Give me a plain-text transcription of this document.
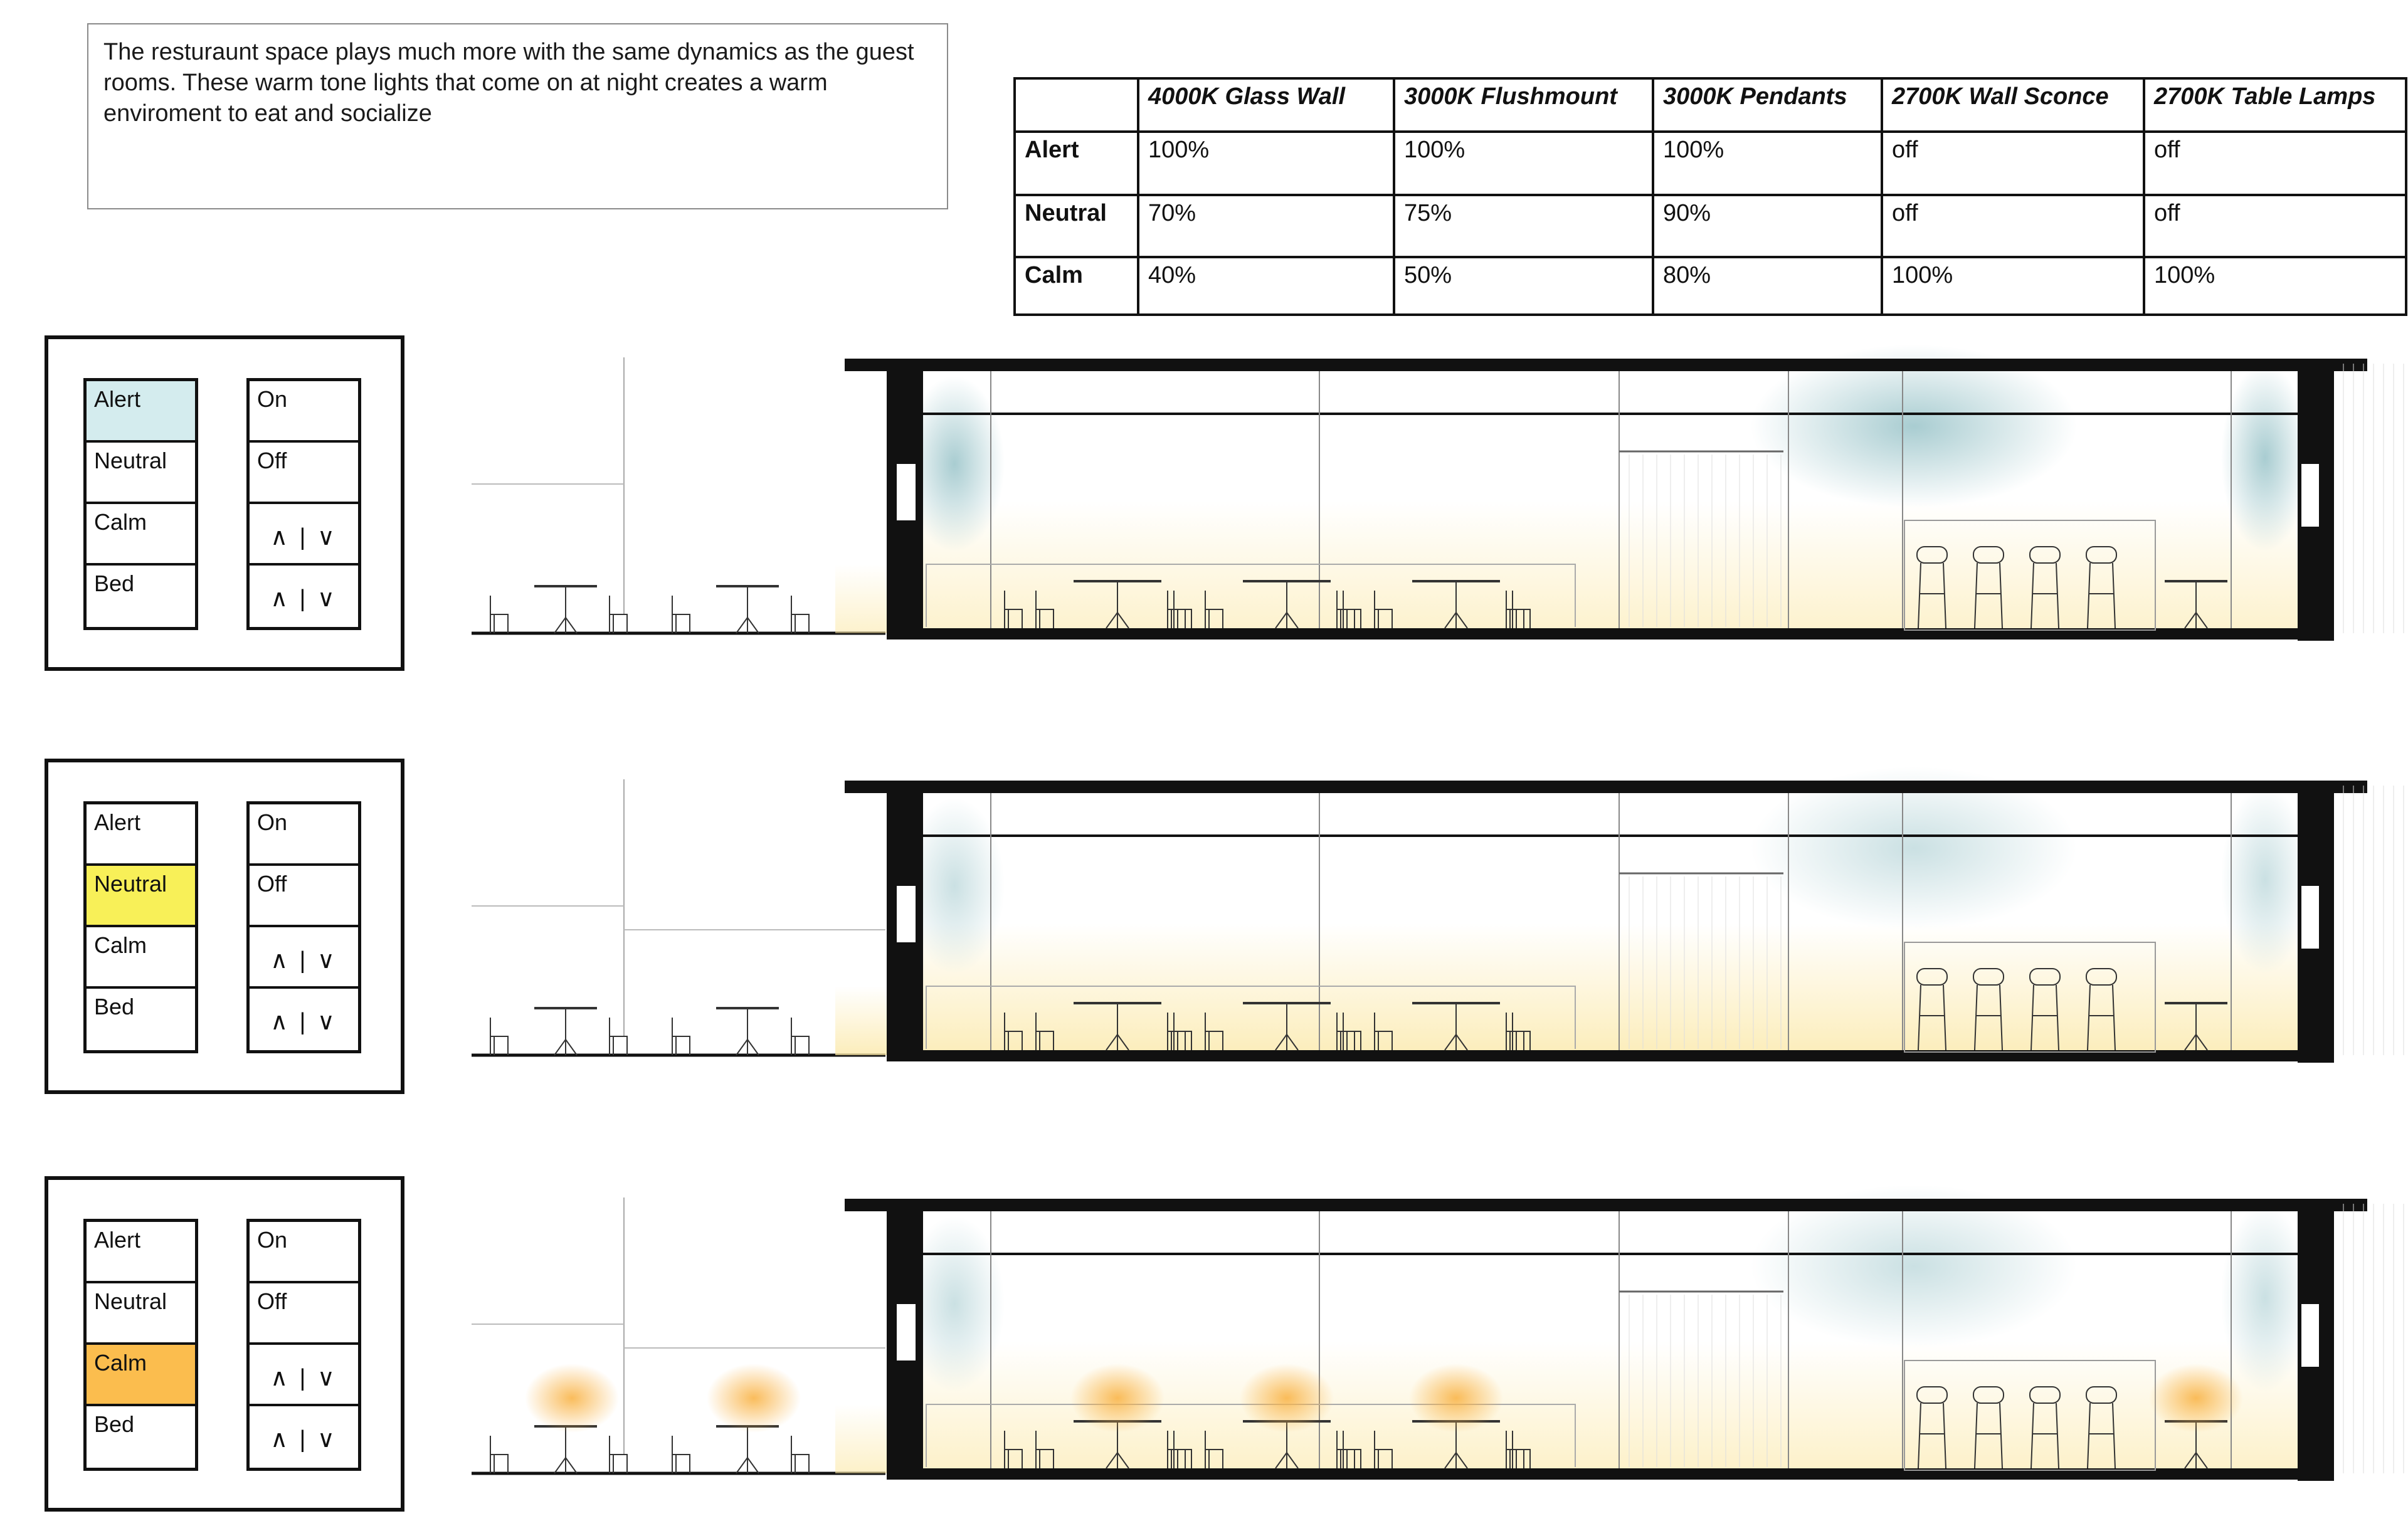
The resturaunt space plays much more with the same dynamics as the guest rooms. These warm tone lights that come on at night creates a warm enviroment to eat and socialize
	4000K Glass Wall	3000K Flushmount	3000K Pendants	2700K Wall Sconce	2700K Table Lamps
Alert	100%	100%	100%	off	off
Neutral	70%	75%	90%	off	off
Calm	40%	50%	80%	100%	100%
Alert
Neutral
Calm
Bed
On
Off
∧ | ∨
∧ | ∨
Alert
Neutral
Calm
Bed
On
Off
∧ | ∨
∧ | ∨
Alert
Neutral
Calm
Bed
On
Off
∧ | ∨
∧ | ∨
